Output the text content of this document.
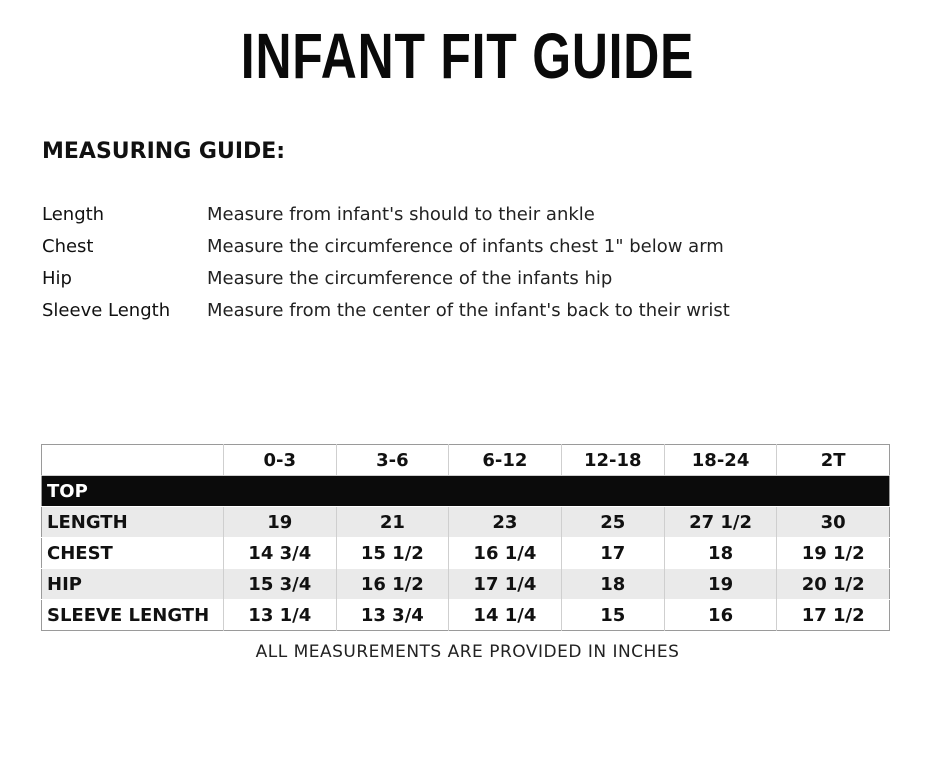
INFANT FIT GUIDE
MEASURING GUIDE:
Length	Measure from infant's should to their ankle
Chest	Measure the circumference of infants chest 1" below arm
Hip	Measure the circumference of the infants hip
Sleeve Length	Measure from the center of the infant's back to their wrist
	0-3	3-6	6-12	12-18	18-24	2T
TOP						
LENGTH	19	21	23	25	27 1/2	30
CHEST	14 3/4	15 1/2	16 1/4	17	18	19 1/2
HIP	15 3/4	16 1/2	17 1/4	18	19	20 1/2
SLEEVE LENGTH	13 1/4	13 3/4	14 1/4	15	16	17 1/2
ALL MEASUREMENTS ARE PROVIDED IN INCHES
